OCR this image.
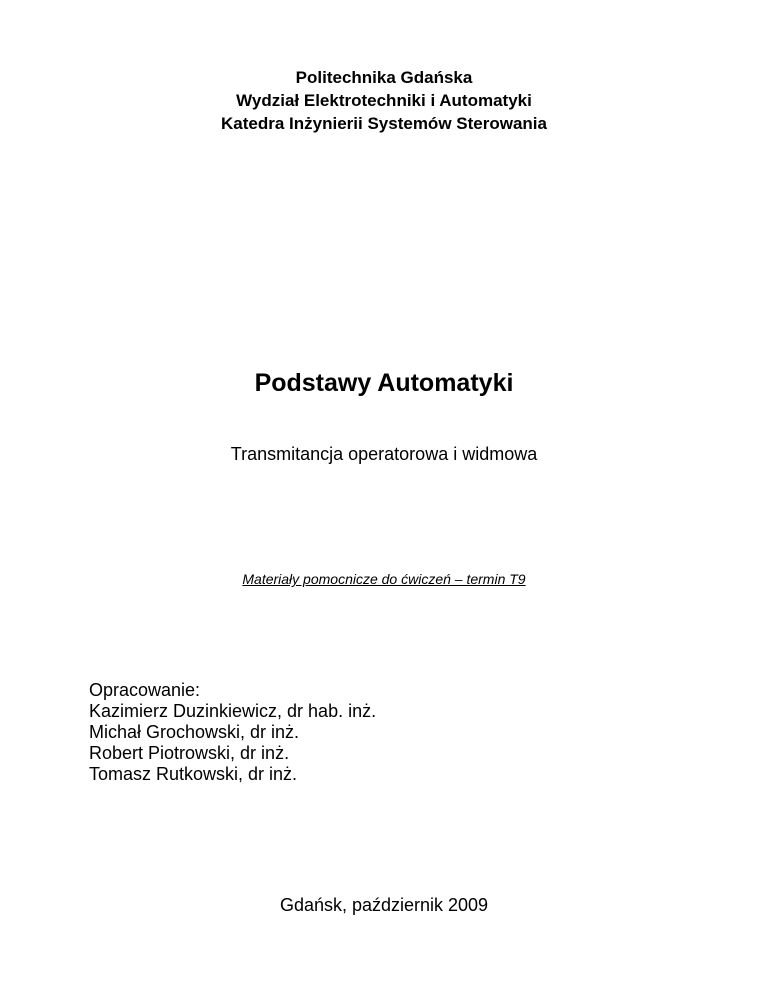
Politechnika Gdańska
Wydział Elektrotechniki i Automatyki
Katedra Inżynierii Systemów Sterowania
Podstawy Automatyki
Transmitancja operatorowa i widmowa
Materiały pomocnicze do ćwiczeń – termin T9
Opracowanie:
Kazimierz Duzinkiewicz, dr hab. inż.
Michał Grochowski, dr inż.
Robert Piotrowski, dr inż.
Tomasz Rutkowski, dr inż.
Gdańsk, październik 2009
